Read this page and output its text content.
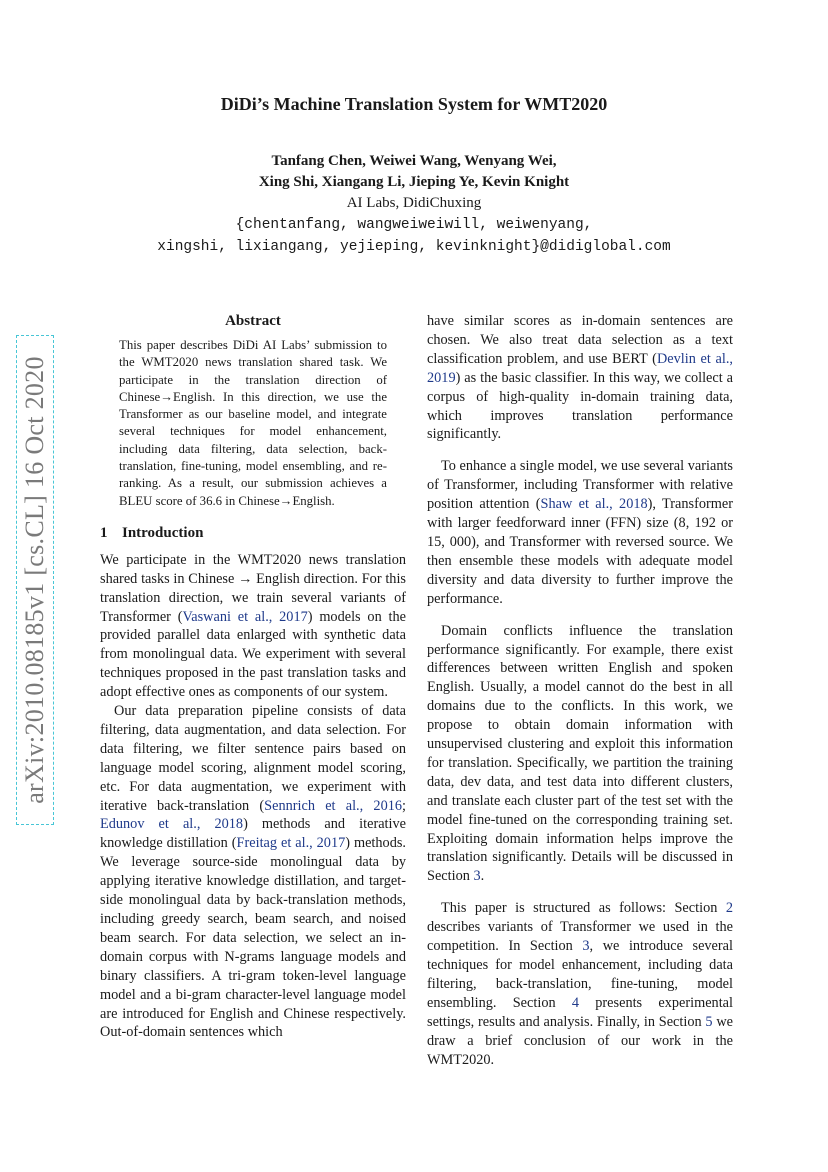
arXiv:2010.08185v1 [cs.CL] 16 Oct 2020
DiDi’s Machine Translation System for WMT2020
Tanfang Chen, Weiwei Wang, Wenyang Wei,
Xing Shi, Xiangang Li, Jieping Ye, Kevin Knight
AI Labs, DidiChuxing
{chentanfang, wangweiweiwill, weiwenyang,
xingshi, lixiangang, yejieping, kevinknight}@didiglobal.com
Abstract
This paper describes DiDi AI Labs’ submission to the WMT2020 news translation shared task. We participate in the translation direction of Chinese→English. In this direction, we use the Transformer as our baseline model, and integrate several techniques for model enhancement, including data filtering, data selection, back-translation, fine-tuning, model ensembling, and re-ranking. As a result, our submission achieves a BLEU score of 36.6 in Chinese→English.
1 Introduction

We participate in the WMT2020 news translation shared tasks in Chinese → English direction. For this translation direction, we train several variants of Transformer (Vaswani et al., 2017) models on the provided parallel data enlarged with synthetic data from monolingual data. We experiment with several techniques proposed in the past translation tasks and adopt effective ones as components of our system.

Our data preparation pipeline consists of data filtering, data augmentation, and data selection. For data filtering, we filter sentence pairs based on language model scoring, alignment model scoring, etc. For data augmentation, we experiment with iterative back-translation (Sennrich et al., 2016; Edunov et al., 2018) methods and iterative knowledge distillation (Freitag et al., 2017) methods. We leverage source-side monolingual data by applying iterative knowledge distillation, and target-side monolingual data by back-translation methods, including greedy search, beam search, and noised beam search. For data selection, we select an in-domain corpus with N-grams language models and binary classifiers. A tri-gram token-level language model and a bi-gram character-level language model are introduced for English and Chinese respectively. Out-of-domain sentences which

have similar scores as in-domain sentences are chosen. We also treat data selection as a text classification problem, and use BERT (Devlin et al., 2019) as the basic classifier. In this way, we collect a corpus of high-quality in-domain training data, which improves translation performance significantly.

To enhance a single model, we use several variants of Transformer, including Transformer with relative position attention (Shaw et al., 2018), Transformer with larger feedforward inner (FFN) size (8, 192 or 15, 000), and Transformer with reversed source. We then ensemble these models with adequate model diversity and data diversity to further improve the performance.

Domain conflicts influence the translation performance significantly. For example, there exist differences between written English and spoken English. Usually, a model cannot do the best in all domains due to the conflicts. In this work, we propose to obtain domain information with unsupervised clustering and exploit this information for translation. Specifically, we partition the training data, dev data, and test data into different clusters, and translate each cluster part of the test set with the model fine-tuned on the corresponding training set. Exploiting domain information helps improve the translation significantly. Details will be discussed in Section 3.

This paper is structured as follows: Section 2 describes variants of Transformer we used in the competition. In Section 3, we introduce several techniques for model enhancement, including data filtering, back-translation, fine-tuning, model ensembling. Section 4 presents experimental settings, results and analysis. Finally, in Section 5 we draw a brief conclusion of our work in the WMT2020.
